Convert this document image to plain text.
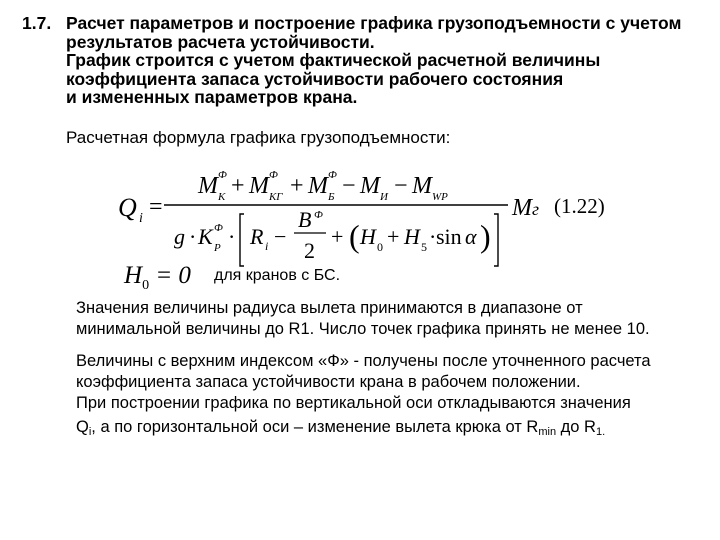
1.7. Расчет параметров и построение графика грузоподъемности с учетом
результатов расчета устойчивости.
График строится с учетом фактической расчетной величины
коэффициента запаса устойчивости рабочего состояния
и измененных параметров крана.
Расчетная формула графика грузоподъемности:
Q i =
M K
Ф + M КГ
Ф + M Б
Ф − M И − M WP	M г (1.22)
g · K P
Ф · R i −
B Ф
2
+ ( H 0 + H 5 · sin α )
$H_0 = 0$ для кранов с БС.
Значения величины радиуса вылета принимаются в диапазоне от
минимальной величины до R1. Число точек графика принять не менее 10.
Величины с верхним индексом «Ф» - получены после уточненного расчета
коэффициента запаса устойчивости крана в рабочем положении.
При построении графика по вертикальной оси откладываются значения
$Q_i$, а по горизонтальной оси – изменение вылета крюка от $R_{min}$ до $R_{1.}$
